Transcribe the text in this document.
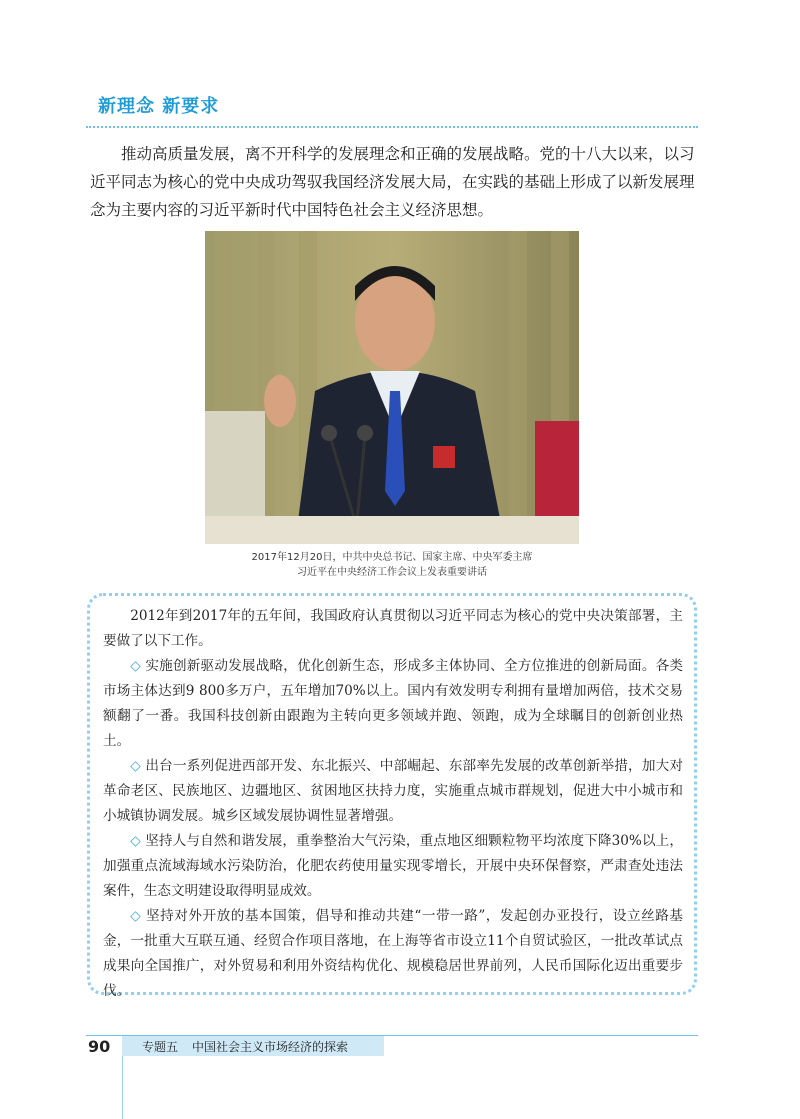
新理念 新要求

推动高质量发展，离不开科学的发展理念和正确的发展战略。党的十八大以来，以习近平同志为核心的党中央成功驾驭我国经济发展大局，在实践的基础上形成了以新发展理念为主要内容的习近平新时代中国特色社会主义经济思想。

2017年12月20日，中共中央总书记、国家主席、中央军委主席
习近平在中央经济工作会议上发表重要讲话

2012年到2017年的五年间，我国政府认真贯彻以习近平同志为核心的党中央决策部署，主要做了以下工作。

◇ 实施创新驱动发展战略，优化创新生态，形成多主体协同、全方位推进的创新局面。各类市场主体达到9 800多万户，五年增加70%以上。国内有效发明专利拥有量增加两倍，技术交易额翻了一番。我国科技创新由跟跑为主转向更多领域并跑、领跑，成为全球瞩目的创新创业热土。

◇ 出台一系列促进西部开发、东北振兴、中部崛起、东部率先发展的改革创新举措，加大对革命老区、民族地区、边疆地区、贫困地区扶持力度，实施重点城市群规划，促进大中小城市和小城镇协调发展。城乡区域发展协调性显著增强。

◇ 坚持人与自然和谐发展，重拳整治大气污染，重点地区细颗粒物平均浓度下降30%以上，加强重点流域海域水污染防治，化肥农药使用量实现零增长，开展中央环保督察，严肃查处违法案件，生态文明建设取得明显成效。

◇ 坚持对外开放的基本国策，倡导和推动共建“一带一路”，发起创办亚投行，设立丝路基金，一批重大互联互通、经贸合作项目落地，在上海等省市设立11个自贸试验区，一批改革试点成果向全国推广，对外贸易和利用外资结构优化、规模稳居世界前列，人民币国际化迈出重要步伐。

90	专题五 中国社会主义市场经济的探索
